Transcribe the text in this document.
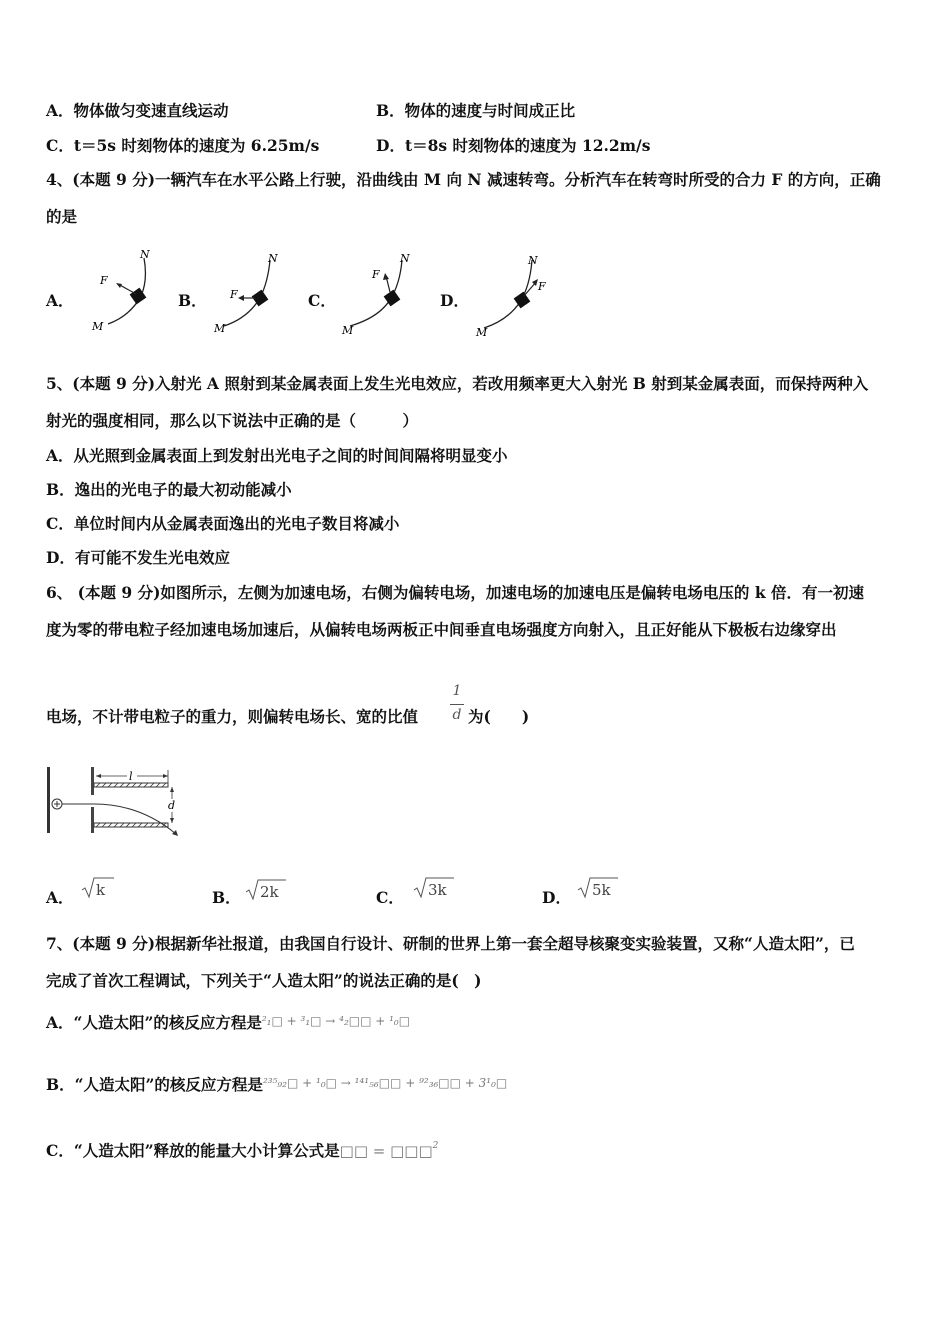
A．物体做匀变速直线运动	B．物体的速度与时间成正比
C．t＝5s 时刻物体的速度为 6.25m/s	D．t＝8s 时刻物体的速度为 12.2m/s
4、(本题 9 分)一辆汽车在水平公路上行驶，沿曲线由 M 向 N 减速转弯。分析汽车在转弯时所受的合力 F 的方向，正确
的是
A．
N
M
F
B．
N
M
F	C．
N
M
F
D．
N
M
F
5、(本题 9 分)入射光 A 照射到某金属表面上发生光电效应，若改用频率更大入射光 B 射到某金属表面，而保持两种入
射光的强度相同，那么以下说法中正确的是（　　　）
A．从光照到金属表面上到发射出光电子之间的时间间隔将明显变小
B．逸出的光电子的最大初动能减小
C．单位时间内从金属表面逸出的光电子数目将减小
D．有可能不发生光电效应
6、 (本题 9 分)如图所示，左侧为加速电场，右侧为偏转电场，加速电场的加速电压是偏转电场电压的 k 倍．有一初速
度为零的带电粒子经加速电场加速后，从偏转电场两板正中间垂直电场强度方向射入，且正好能从下极板右边缘穿出
电场，不计带电粒子的重力，则偏转电场长、宽的比值
1
d 为(　　)
l
d
A． k	B． 2k	C． 3k	D． 5k
7、(本题 9 分)根据新华社报道，由我国自行设计、研制的世界上第一套全超导核聚变实验装置，又称“人造太阳”，已
完成了首次工程调试，下列关于“人造太阳”的说法正确的是(　)
A．“人造太阳”的核反应方程是²₁□ + ³₁□ → ⁴₂□□ + ¹₀□
B．“人造太阳”的核反应方程是²³⁵₉₂□ + ¹₀□ → ¹⁴¹₅₆□□ + ⁹²₃₆□□ + 3¹₀□
C．“人造太阳”释放的能量大小计算公式是□□ = □□□$^2$
